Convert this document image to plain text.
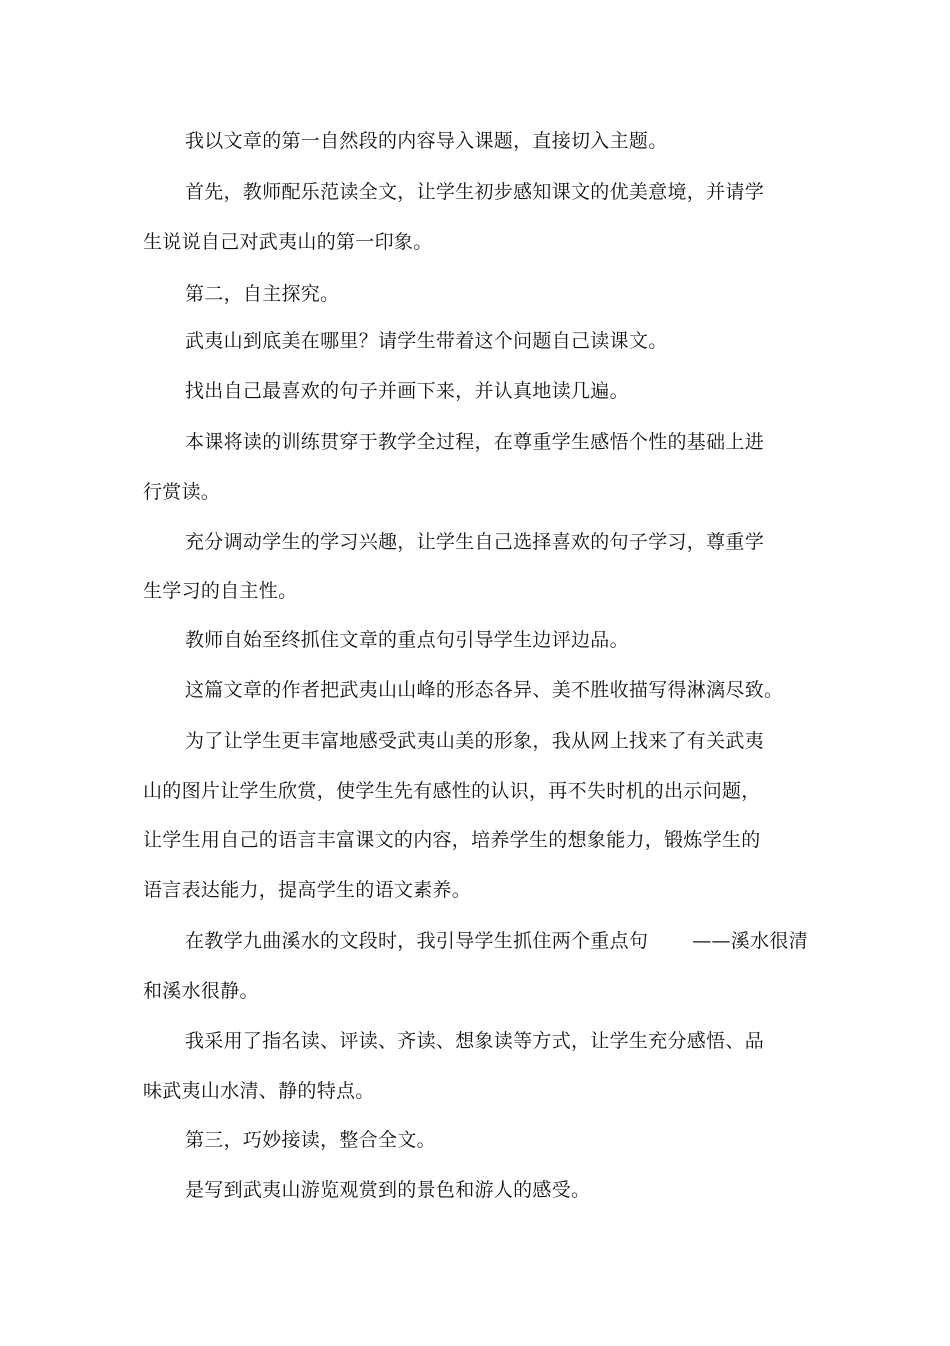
我以文章的第一自然段的内容导入课题，直接切入主题。
首先，教师配乐范读全文，让学生初步感知课文的优美意境，并请学
生说说自己对武夷山的第一印象。
第二，自主探究。
武夷山到底美在哪里？请学生带着这个问题自己读课文。
找出自己最喜欢的句子并画下来，并认真地读几遍。
本课将读的训练贯穿于教学全过程，在尊重学生感悟个性的基础上进
行赏读。
充分调动学生的学习兴趣，让学生自己选择喜欢的句子学习，尊重学
生学习的自主性。
教师自始至终抓住文章的重点句引导学生边评边品。
这篇文章的作者把武夷山山峰的形态各异、美不胜收描写得淋漓尽致。
为了让学生更丰富地感受武夷山美的形象，我从网上找来了有关武夷
山的图片让学生欣赏，使学生先有感性的认识，再不失时机的出示问题，
让学生用自己的语言丰富课文的内容，培养学生的想象能力，锻炼学生的
语言表达能力，提高学生的语文素养。
在教学九曲溪水的文段时，我引导学生抓住两个重点句 ——溪水很清
和溪水很静。
我采用了指名读、评读、齐读、想象读等方式，让学生充分感悟、品
味武夷山水清、静的特点。
第三，巧妙接读，整合全文。
是写到武夷山游览观赏到的景色和游人的感受。
